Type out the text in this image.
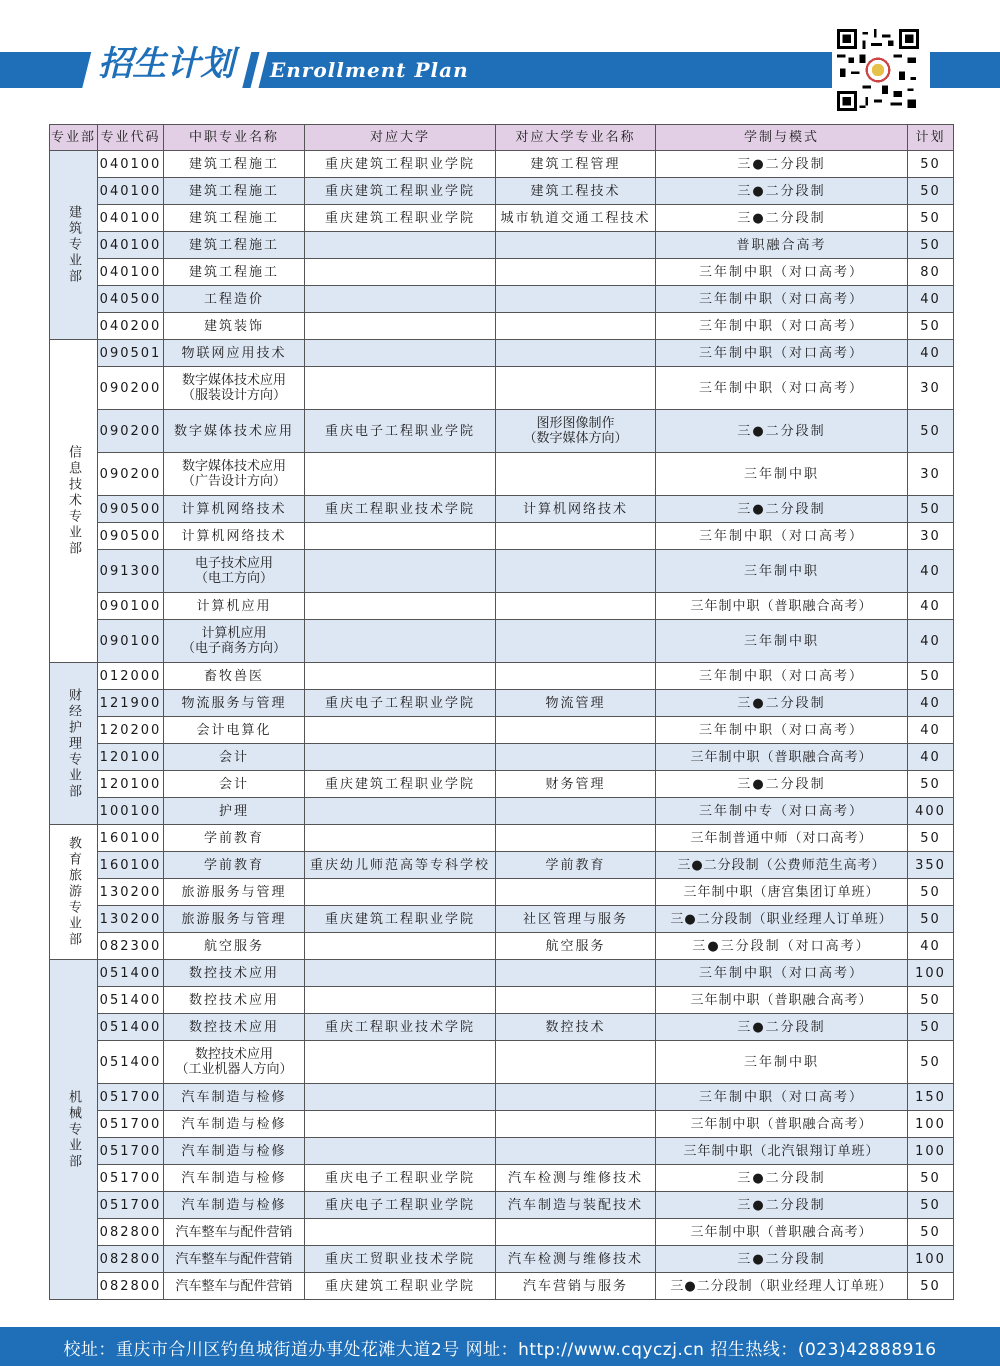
招生计划	Enrollment Plan
专业部	专业代码	中职专业名称	对应大学	对应大学专业名称	学制与模式	计划

建筑专业部	040100	建筑工程施工	重庆建筑工程职业学院	建筑工程管理	三●二分段制	50
	040100	建筑工程施工	重庆建筑工程职业学院	建筑工程技术	三●二分段制	50
	040100	建筑工程施工	重庆建筑工程职业学院	城市轨道交通工程技术	三●二分段制	50
	040100	建筑工程施工			普职融合高考	50
	040100	建筑工程施工			三年制中职（对口高考）	80
	040500	工程造价			三年制中职（对口高考）	40
	040200	建筑装饰			三年制中职（对口高考）	50

信息技术专业部	090501	物联网应用技术			三年制中职（对口高考）	40
	090200	数字媒体技术应用
（服装设计方向）			三年制中职（对口高考）	30
	090200	数字媒体技术应用	重庆电子工程职业学院	图形图像制作
（数字媒体方向）	三●二分段制	50
	090200	数字媒体技术应用
（广告设计方向）			三年制中职	30
	090500	计算机网络技术	重庆工程职业技术学院	计算机网络技术	三●二分段制	50
	090500	计算机网络技术			三年制中职（对口高考）	30
	091300	电子技术应用
（电工方向）			三年制中职	40
	090100	计算机应用			三年制中职（普职融合高考）	40
	090100	计算机应用
（电子商务方向）			三年制中职	40

财经护理专业部	012000	畜牧兽医			三年制中职（对口高考）	50
	121900	物流服务与管理	重庆电子工程职业学院	物流管理	三●二分段制	40
	120200	会计电算化			三年制中职（对口高考）	40
	120100	会计			三年制中职（普职融合高考）	40
	120100	会计	重庆建筑工程职业学院	财务管理	三●二分段制	50
	100100	护理			三年制中专（对口高考）	400

教育旅游专业部	160100	学前教育			三年制普通中师（对口高考）	50
	160100	学前教育	重庆幼儿师范高等专科学校	学前教育	三●二分段制（公费师范生高考）	350
	130200	旅游服务与管理			三年制中职（唐宫集团订单班）	50
	130200	旅游服务与管理	重庆建筑工程职业学院	社区管理与服务	三●二分段制（职业经理人订单班）	50
	082300	航空服务		航空服务	三●三分段制（对口高考）	40

机械专业部	051400	数控技术应用			三年制中职（对口高考）	100
	051400	数控技术应用			三年制中职（普职融合高考）	50
	051400	数控技术应用	重庆工程职业技术学院	数控技术	三●二分段制	50
	051400	数控技术应用
（工业机器人方向）			三年制中职	50
	051700	汽车制造与检修			三年制中职（对口高考）	150
	051700	汽车制造与检修			三年制中职（普职融合高考）	100
	051700	汽车制造与检修			三年制中职（北汽银翔订单班）	100
	051700	汽车制造与检修	重庆电子工程职业学院	汽车检测与维修技术	三●二分段制	50
	051700	汽车制造与检修	重庆电子工程职业学院	汽车制造与装配技术	三●二分段制	50
	082800	汽车整车与配件营销			三年制中职（普职融合高考）	50
	082800	汽车整车与配件营销	重庆工贸职业技术学院	汽车检测与维修技术	三●二分段制	100
	082800	汽车整车与配件营销	重庆建筑工程职业学院	汽车营销与服务	三●二分段制（职业经理人订单班）	50
校址：重庆市合川区钓鱼城街道办事处花滩大道2号 网址：http://www.cqyczj.cn 招生热线：(023)42888916
